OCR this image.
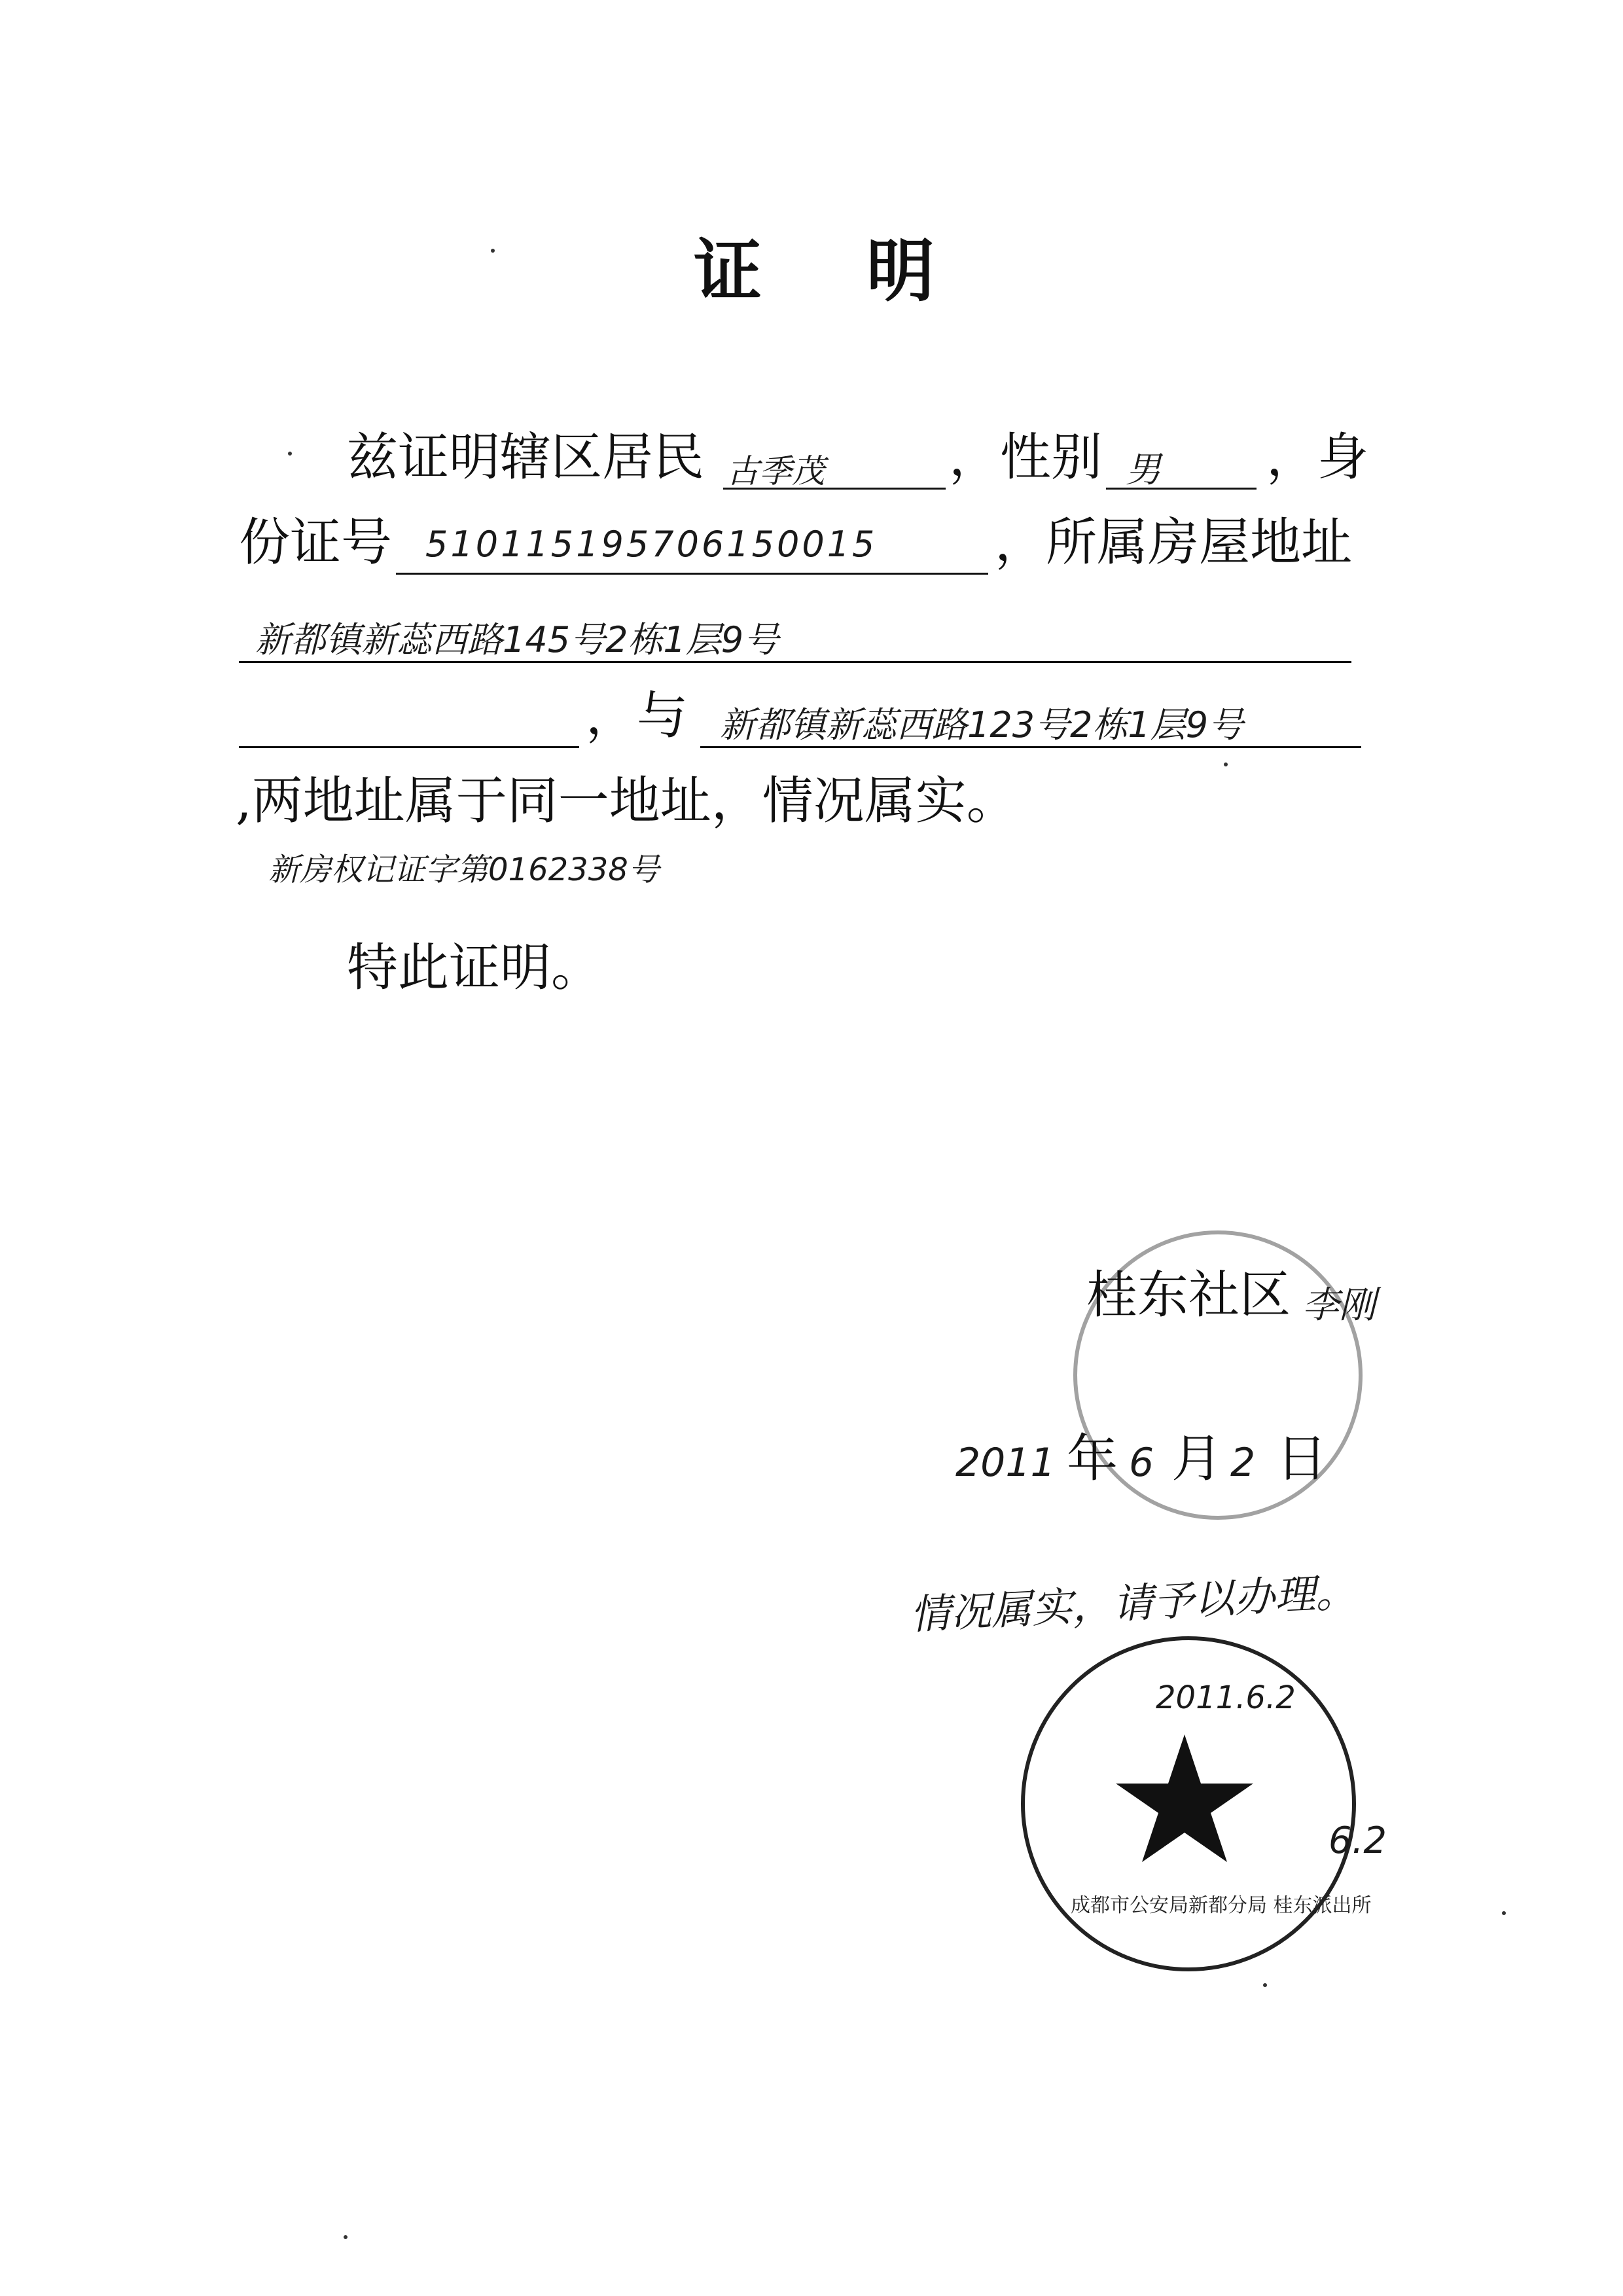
证明
兹证明辖区居民 古季茂 ，性别 男 ，身
份证号 510115195706150015 ，所属房屋地址
新都镇新蕊西路145号2栋1层9号
，与 新都镇新蕊西路123号2栋1层9号
,两地址属于同一地址，情况属实。
新房权记证字第0162338号
特此证明。
桂东社区 李刚
2011 年 6 月 2 日
情况属实，请予以办理。
成都市公安局新都分局 桂东派出所
2011.6.2
6.2
